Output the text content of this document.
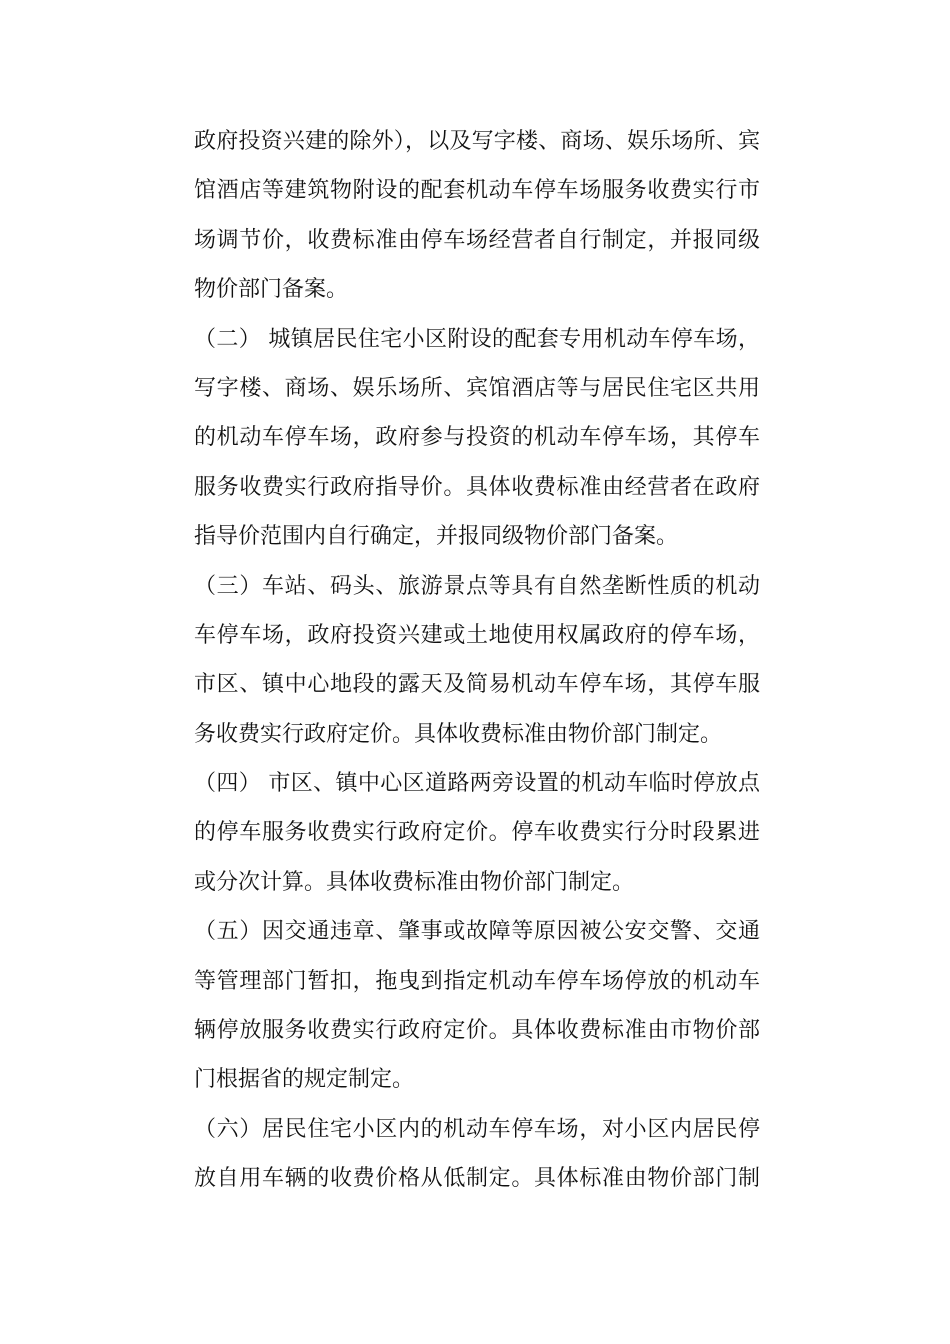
政府投资兴建的除外），以及写字楼、商场、娱乐场所、宾
馆酒店等建筑物附设的配套机动车停车场服务收费实行市
场调节价，收费标准由停车场经营者自行制定，并报同级
物价部门备案。
（二） 城镇居民住宅小区附设的配套专用机动车停车场，
写字楼、商场、娱乐场所、宾馆酒店等与居民住宅区共用
的机动车停车场，政府参与投资的机动车停车场，其停车
服务收费实行政府指导价。具体收费标准由经营者在政府
指导价范围内自行确定，并报同级物价部门备案。
（三）车站、码头、旅游景点等具有自然垄断性质的机动
车停车场，政府投资兴建或土地使用权属政府的停车场，
市区、镇中心地段的露天及简易机动车停车场，其停车服
务收费实行政府定价。具体收费标准由物价部门制定。
（四） 市区、镇中心区道路两旁设置的机动车临时停放点
的停车服务收费实行政府定价。停车收费实行分时段累进
或分次计算。具体收费标准由物价部门制定。
（五）因交通违章、肇事或故障等原因被公安交警、交通
等管理部门暂扣，拖曳到指定机动车停车场停放的机动车
辆停放服务收费实行政府定价。具体收费标准由市物价部
门根据省的规定制定。
（六）居民住宅小区内的机动车停车场，对小区内居民停
放自用车辆的收费价格从低制定。具体标准由物价部门制
